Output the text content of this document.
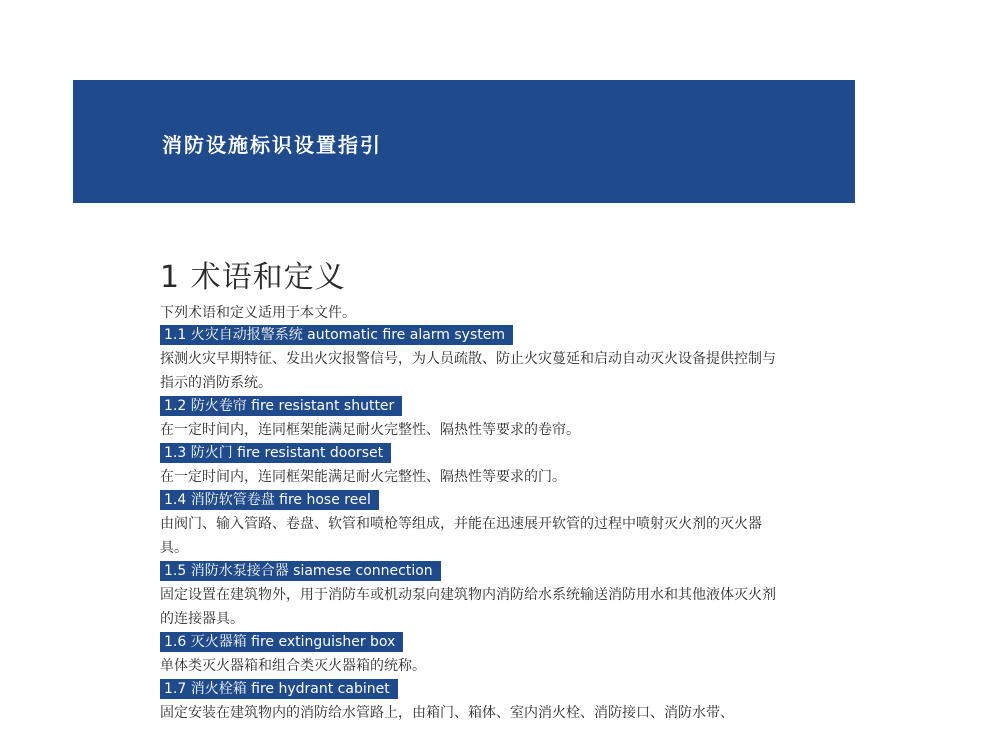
消防设施标识设置指引
1 术语和定义

下列术语和定义适用于本文件。

1.1 火灾自动报警系统 automatic fire alarm system

探测火灾早期特征、发出火灾报警信号，为人员疏散、防止火灾蔓延和启动自动灭火设备提供控制与指示的消防系统。

1.2 防火卷帘 fire resistant shutter

在一定时间内，连同框架能满足耐火完整性、隔热性等要求的卷帘。

1.3 防火门 fire resistant doorset

在一定时间内，连同框架能满足耐火完整性、隔热性等要求的门。

1.4 消防软管卷盘 fire hose reel

由阀门、输入管路、卷盘、软管和喷枪等组成，并能在迅速展开软管的过程中喷射灭火剂的灭火器具。

1.5 消防水泵接合器 siamese connection

固定设置在建筑物外，用于消防车或机动泵向建筑物内消防给水系统输送消防用水和其他液体灭火剂的连接器具。

1.6 灭火器箱 fire extinguisher box

单体类灭火器箱和组合类灭火器箱的统称。

1.7 消火栓箱 fire hydrant cabinet

固定安装在建筑物内的消防给水管路上，由箱门、箱体、室内消火栓、消防接口、消防水带、
